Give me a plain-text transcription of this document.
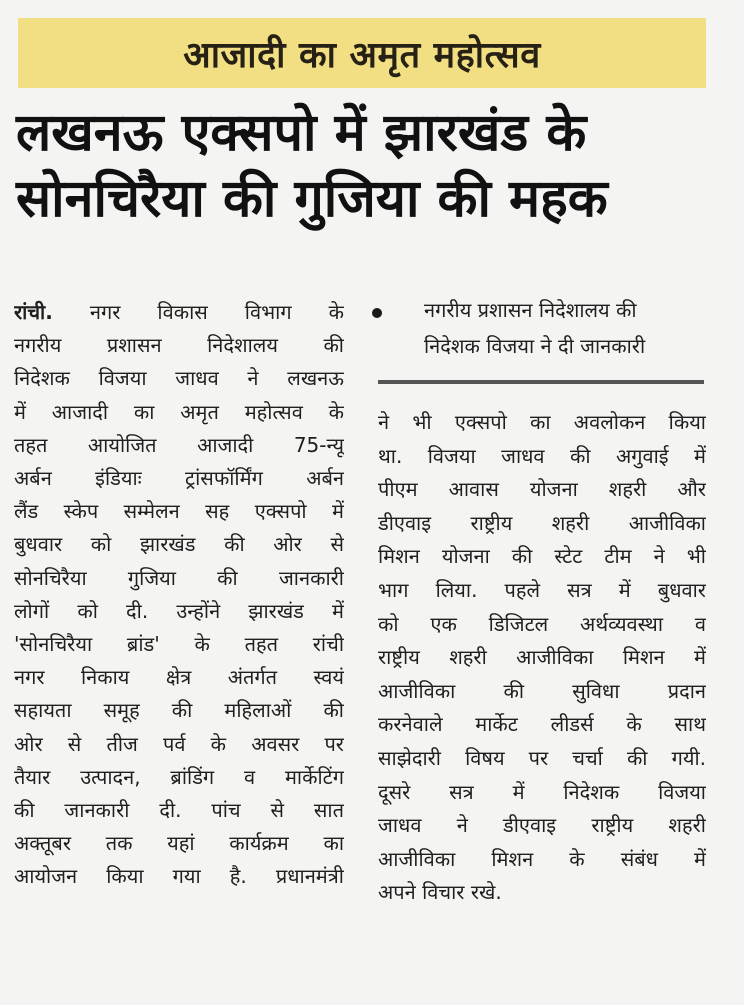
आजादी का अमृत महोत्सव
लखनऊ एक्सपो में झारखंड के
सोनचिरैया की गुजिया की महक
रांची. नगर विकास विभाग के
नगरीय प्रशासन निदेशालय की
निदेशक विजया जाधव ने लखनऊ
में आजादी का अमृत महोत्सव के
तहत आयोजित आजादी 75-न्यू
अर्बन इंडियाः ट्रांसफॉर्मिंग अर्बन
लैंड स्केप सम्मेलन सह एक्सपो में
बुधवार को झारखंड की ओर से
सोनचिरैया गुजिया की जानकारी
लोगों को दी. उन्होंने झारखंड में
'सोनचिरैया ब्रांड' के तहत रांची
नगर निकाय क्षेत्र अंतर्गत स्वयं
सहायता समूह की महिलाओं की
ओर से तीज पर्व के अवसर पर
तैयार उत्पादन, ब्रांडिंग व मार्केटिंग
की जानकारी दी. पांच से सात
अक्तूबर तक यहां कार्यक्रम का
आयोजन किया गया है. प्रधानमंत्री
नगरीय प्रशासन निदेशालय की
निदेशक विजया ने दी जानकारी
ने भी एक्सपो का अवलोकन किया
था. विजया जाधव की अगुवाई में
पीएम आवास योजना शहरी और
डीएवाइ राष्ट्रीय शहरी आजीविका
मिशन योजना की स्टेट टीम ने भी
भाग लिया. पहले सत्र में बुधवार
को एक डिजिटल अर्थव्यवस्था व
राष्ट्रीय शहरी आजीविका मिशन में
आजीविका की सुविधा प्रदान
करनेवाले मार्केट लीडर्स के साथ
साझेदारी विषय पर चर्चा की गयी.
दूसरे सत्र में निदेशक विजया
जाधव ने डीएवाइ राष्ट्रीय शहरी
आजीविका मिशन के संबंध में
अपने विचार रखे.
